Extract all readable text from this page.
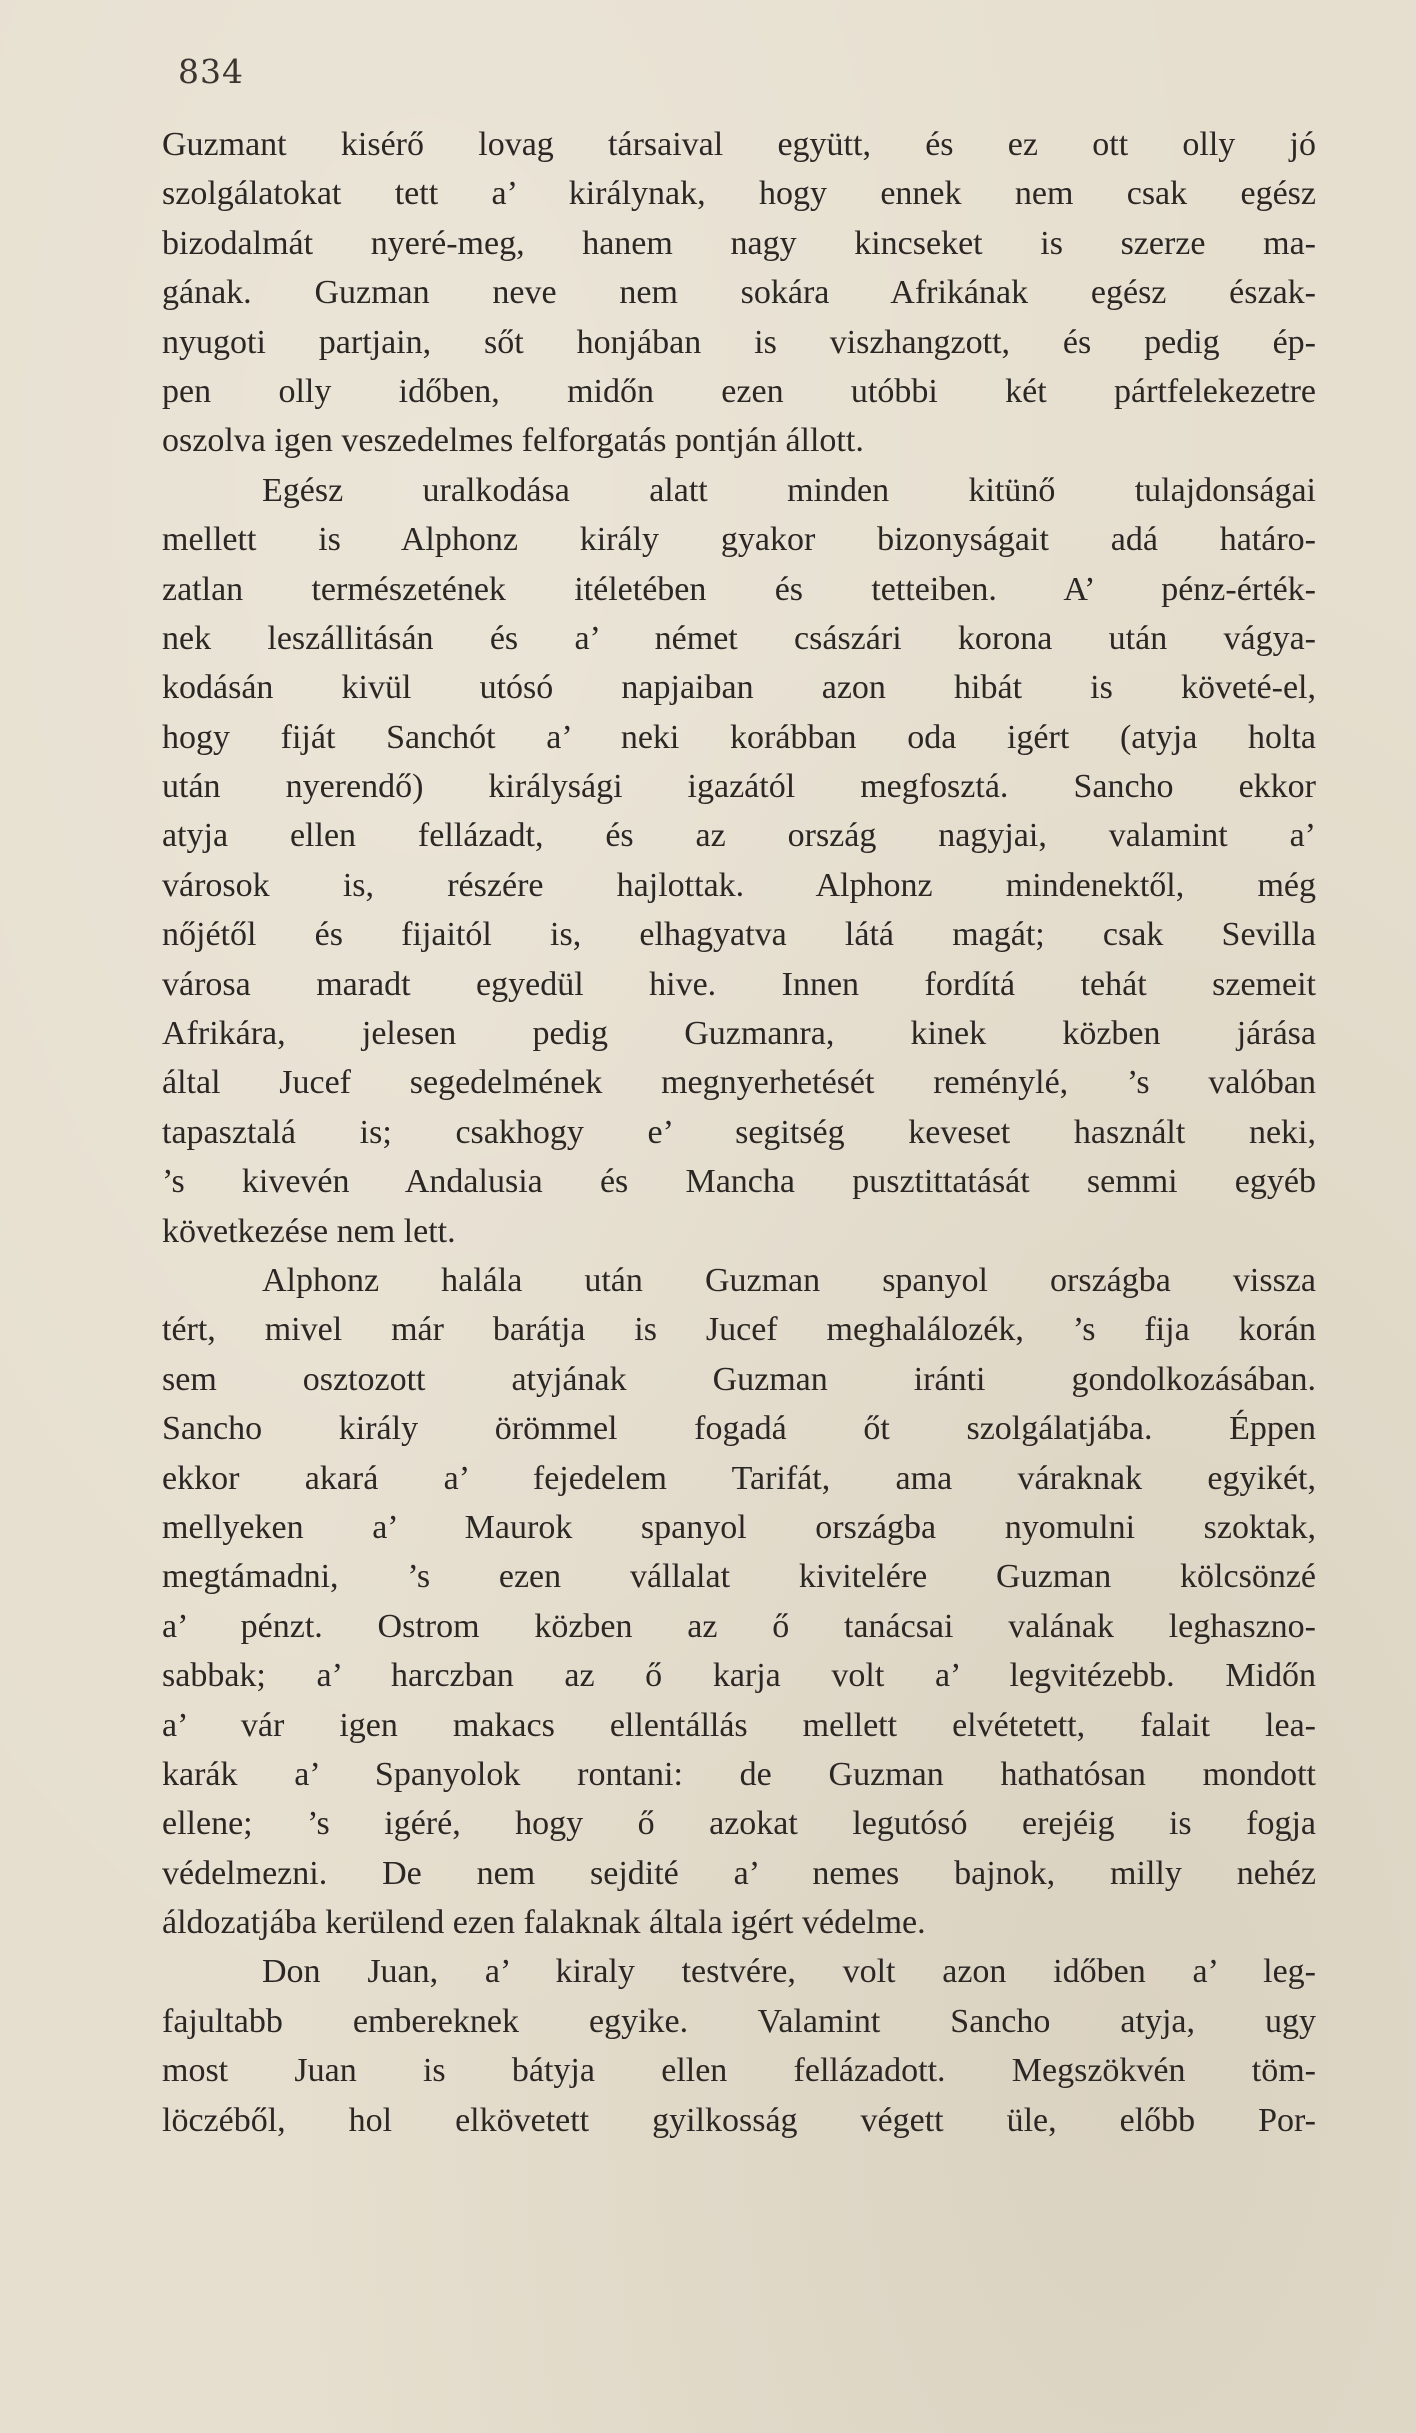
834
Guzmant kisérő lovag társaival együtt, és ez ott olly jó
szolgálatokat tett a’ királynak, hogy ennek nem csak egész
bizodalmát nyeré-meg, hanem nagy kincseket is szerze ma-
gának. Guzman neve nem sokára Afrikának egész észak-
nyugoti partjain, sőt honjában is viszhangzott, és pedig ép-
pen olly időben, midőn ezen utóbbi két pártfelekezetre
oszolva igen veszedelmes felforgatás pontján állott.
Egész uralkodása alatt minden kitünő tulajdonságai
mellett is Alphonz király gyakor bizonyságait adá határo-
zatlan természetének itéletében és tetteiben. A’ pénz-érték-
nek leszállitásán és a’ német császári korona után vágya-
kodásán kivül utósó napjaiban azon hibát is követé-el,
hogy fiját Sanchót a’ neki korábban oda igért (atyja holta
után nyerendő) királysági igazától megfosztá. Sancho ekkor
atyja ellen fellázadt, és az ország nagyjai, valamint a’
városok is, részére hajlottak. Alphonz mindenektől, még
nőjétől és fijaitól is, elhagyatva látá magát; csak Sevilla
városa maradt egyedül hive. Innen fordítá tehát szemeit
Afrikára, jelesen pedig Guzmanra, kinek közben járása
által Jucef segedelmének megnyerhetését reménylé, ’s valóban
tapasztalá is; csakhogy e’ segitség keveset használt neki,
’s kivevén Andalusia és Mancha pusztittatását semmi egyéb
következése nem lett.
Alphonz halála után Guzman spanyol országba vissza
tért, mivel már barátja is Jucef meghalálozék, ’s fija korán
sem osztozott atyjának Guzman iránti gondolkozásában.
Sancho király örömmel fogadá őt szolgálatjába. Éppen
ekkor akará a’ fejedelem Tarifát, ama váraknak egyikét,
mellyeken a’ Maurok spanyol országba nyomulni szoktak,
megtámadni, ’s ezen vállalat kivitelére Guzman kölcsönzé
a’ pénzt. Ostrom közben az ő tanácsai valának leghaszno-
sabbak; a’ harczban az ő karja volt a’ legvitézebb. Midőn
a’ vár igen makacs ellentállás mellett elvétetett, falait lea-
karák a’ Spanyolok rontani: de Guzman hathatósan mondott
ellene; ’s igéré, hogy ő azokat legutósó erejéig is fogja
védelmezni. De nem sejdité a’ nemes bajnok, milly nehéz
áldozatjába kerülend ezen falaknak általa igért védelme.
Don Juan, a’ kiraly testvére, volt azon időben a’ leg-
fajultabb embereknek egyike. Valamint Sancho atyja, ugy
most Juan is bátyja ellen fellázadott. Megszökvén töm-
löczéből, hol elkövetett gyilkosság végett üle, előbb Por-
